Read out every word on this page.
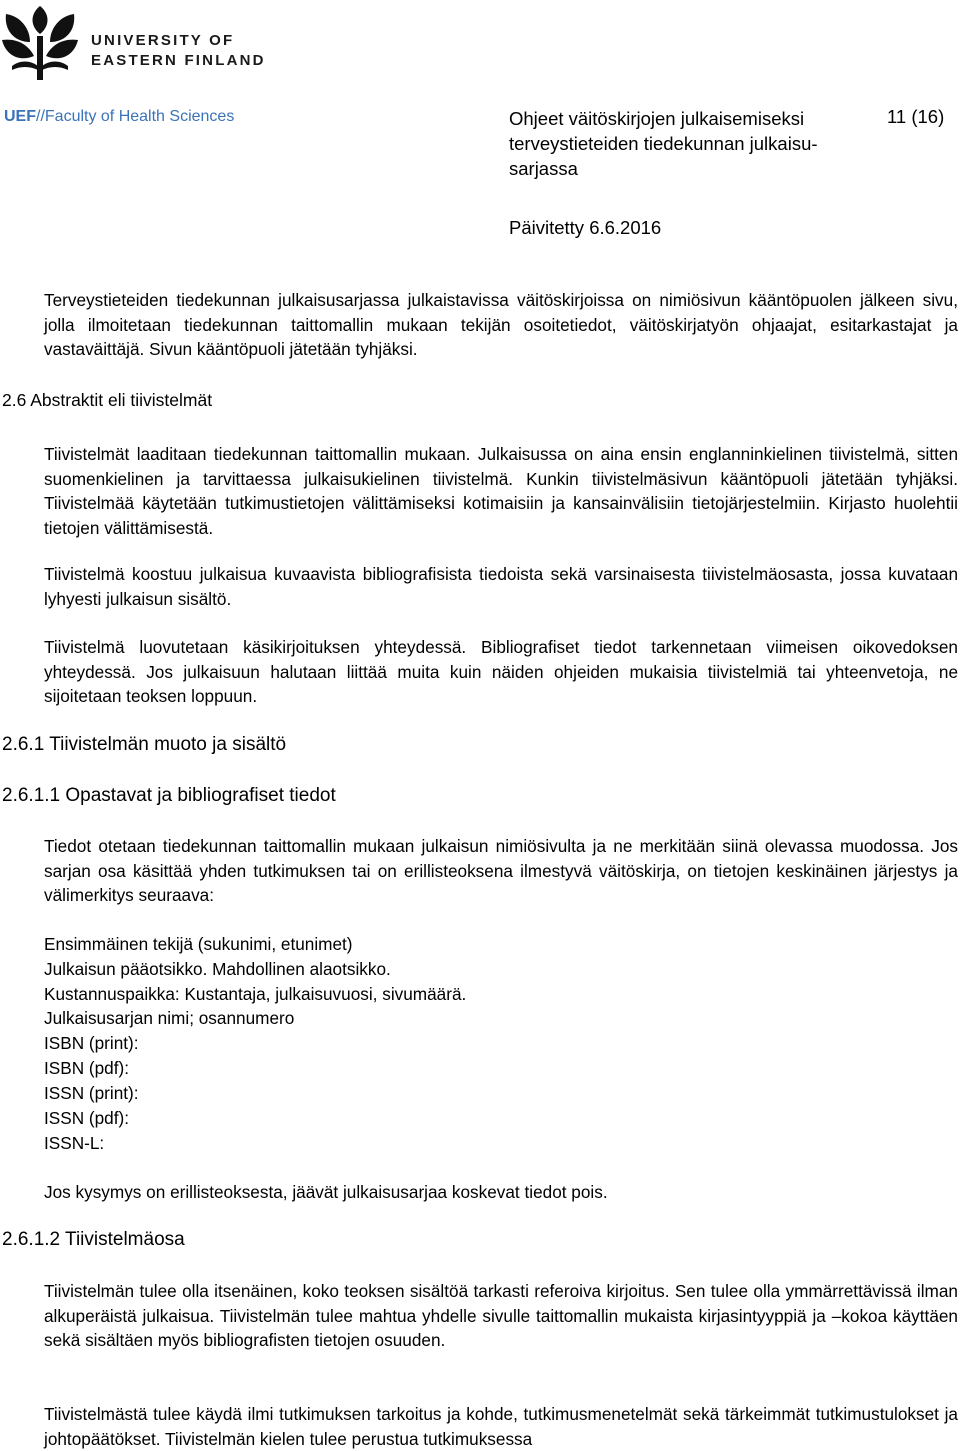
UNIVERSITY OF
EASTERN FINLAND
UEF//Faculty of Health Sciences	Ohjeet väitöskirjojen julkaisemiseksi terveystieteiden tiedekunnan julkaisu-sarjassa
11 (16)
Päivitetty 6.6.2016
Terveystieteiden tiedekunnan julkaisusarjassa julkaistavissa väitöskirjoissa on nimiösivun kääntöpuolen jälkeen sivu, jolla ilmoitetaan tiedekunnan taittomallin mukaan tekijän osoitetiedot, väitöskirjatyön ohjaajat, esitarkastajat ja vastaväittäjä. Sivun kääntöpuoli jätetään tyhjäksi.
2.6 Abstraktit eli tiivistelmät
Tiivistelmät laaditaan tiedekunnan taittomallin mukaan. Julkaisussa on aina ensin englanninkielinen tiivistelmä, sitten suomenkielinen ja tarvittaessa julkaisukielinen tiivistelmä. Kunkin tiivistelmäsivun kääntöpuoli jätetään tyhjäksi. Tiivistelmää käytetään tutkimustietojen välittämiseksi kotimaisiin ja kansainvälisiin tietojärjestelmiin. Kirjasto huolehtii tietojen välittämisestä.
Tiivistelmä koostuu julkaisua kuvaavista bibliografisista tiedoista sekä varsinaisesta tiivistelmäosasta, jossa kuvataan lyhyesti julkaisun sisältö.
Tiivistelmä luovutetaan käsikirjoituksen yhteydessä. Bibliografiset tiedot tarkennetaan viimeisen oikovedoksen yhteydessä. Jos julkaisuun halutaan liittää muita kuin näiden ohjeiden mukaisia tiivistelmiä tai yhteenvetoja, ne sijoitetaan teoksen loppuun.
2.6.1 Tiivistelmän muoto ja sisältö
2.6.1.1 Opastavat ja bibliografiset tiedot
Tiedot otetaan tiedekunnan taittomallin mukaan julkaisun nimiösivulta ja ne merkitään siinä olevassa muodossa. Jos sarjan osa käsittää yhden tutkimuksen tai on erillisteoksena ilmestyvä väitöskirja, on tietojen keskinäinen järjestys ja välimerkitys seuraava:
Ensimmäinen tekijä (sukunimi, etunimet)
Julkaisun pääotsikko. Mahdollinen alaotsikko.
Kustannuspaikka: Kustantaja, julkaisuvuosi, sivumäärä.
Julkaisusarjan nimi; osannumero
ISBN (print):
ISBN (pdf):
ISSN (print):
ISSN (pdf):
ISSN-L:
Jos kysymys on erillisteoksesta, jäävät julkaisusarjaa koskevat tiedot pois.
2.6.1.2 Tiivistelmäosa
Tiivistelmän tulee olla itsenäinen, koko teoksen sisältöä tarkasti referoiva kirjoitus. Sen tulee olla ymmärrettävissä ilman alkuperäistä julkaisua. Tiivistelmän tulee mahtua yhdelle sivulle taittomallin mukaista kirjasintyyppiä ja –kokoa käyttäen sekä sisältäen myös bibliografisten tietojen osuuden.
Tiivistelmästä tulee käydä ilmi tutkimuksen tarkoitus ja kohde, tutkimusmenetelmät sekä tärkeimmät tutkimustulokset ja johtopäätökset. Tiivistelmän kielen tulee perustua tutkimuksessa
